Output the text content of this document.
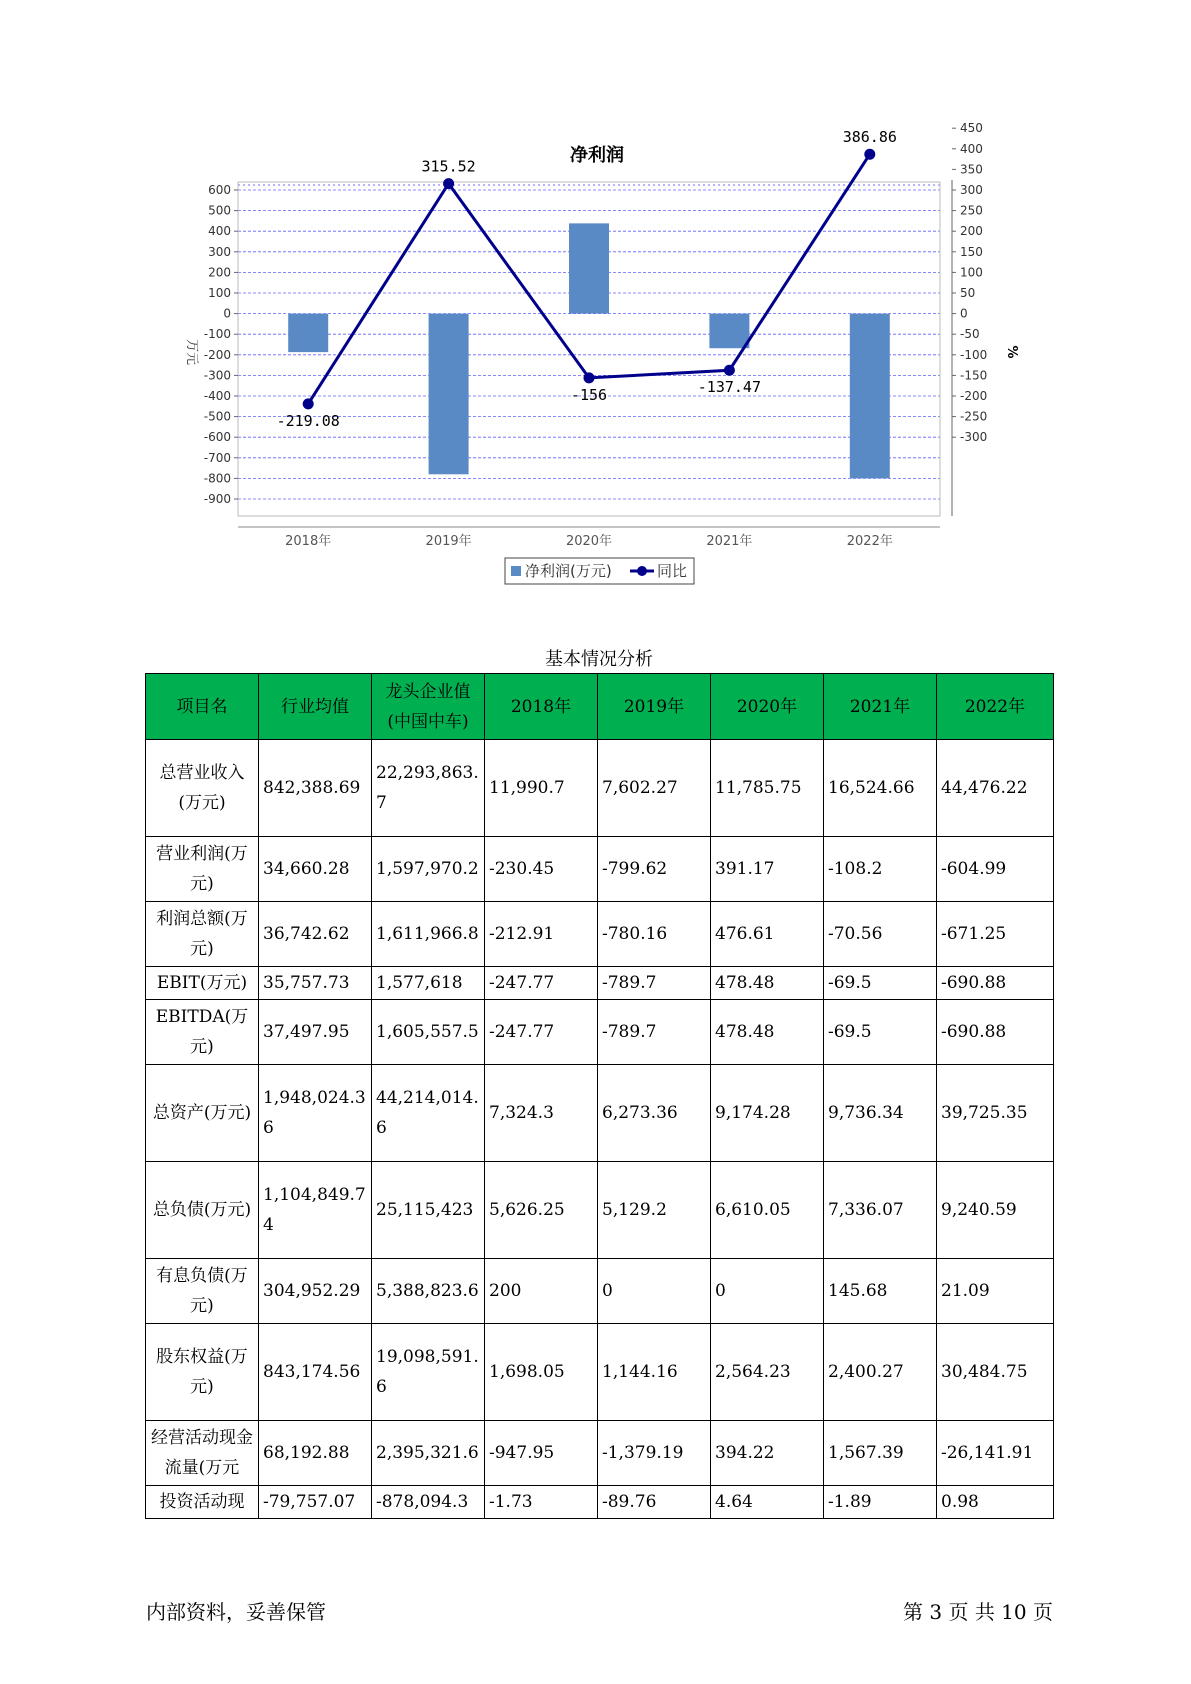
净利润
600
500
400
300
200
100
0
-100
-200
-300
-400
-500
-600
-700
-800
-900
450
400
350
300
250
200
150
100
50
0
-50
-100
-150
-200
-250
-300
万元	%
2018年	2019年	2020年	2021年	2022年
-219.08
315.52
-156	-137.47
386.86
净利润(万元)	同比
基本情况分析
项目名	行业均值	龙头企业值(中国中车)	2018年	2019年	2020年	2021年	2022年
总营业收入(万元)	842,388.69	22,293,863.7	11,990.7	7,602.27	11,785.75	16,524.66	44,476.22
营业利润(万元)	34,660.28	1,597,970.2	-230.45	-799.62	391.17	-108.2	-604.99
利润总额(万元)	36,742.62	1,611,966.8	-212.91	-780.16	476.61	-70.56	-671.25
EBIT(万元)	35,757.73	1,577,618	-247.77	-789.7	478.48	-69.5	-690.88
EBITDA(万元)	37,497.95	1,605,557.5	-247.77	-789.7	478.48	-69.5	-690.88
总资产(万元)	1,948,024.36	44,214,014.6	7,324.3	6,273.36	9,174.28	9,736.34	39,725.35
总负债(万元)	1,104,849.74	25,115,423	5,626.25	5,129.2	6,610.05	7,336.07	9,240.59
有息负债(万元)	304,952.29	5,388,823.6	200	0	0	145.68	21.09
股东权益(万元)	843,174.56	19,098,591.6	1,698.05	1,144.16	2,564.23	2,400.27	30,484.75
经营活动现金流量(万元	68,192.88	2,395,321.6	-947.95	-1,379.19	394.22	1,567.39	-26,141.91
投资活动现	-79,757.07	-878,094.3	-1.73	-89.76	4.64	-1.89	0.98
内部资料，妥善保管	第 3 页 共 10 页
